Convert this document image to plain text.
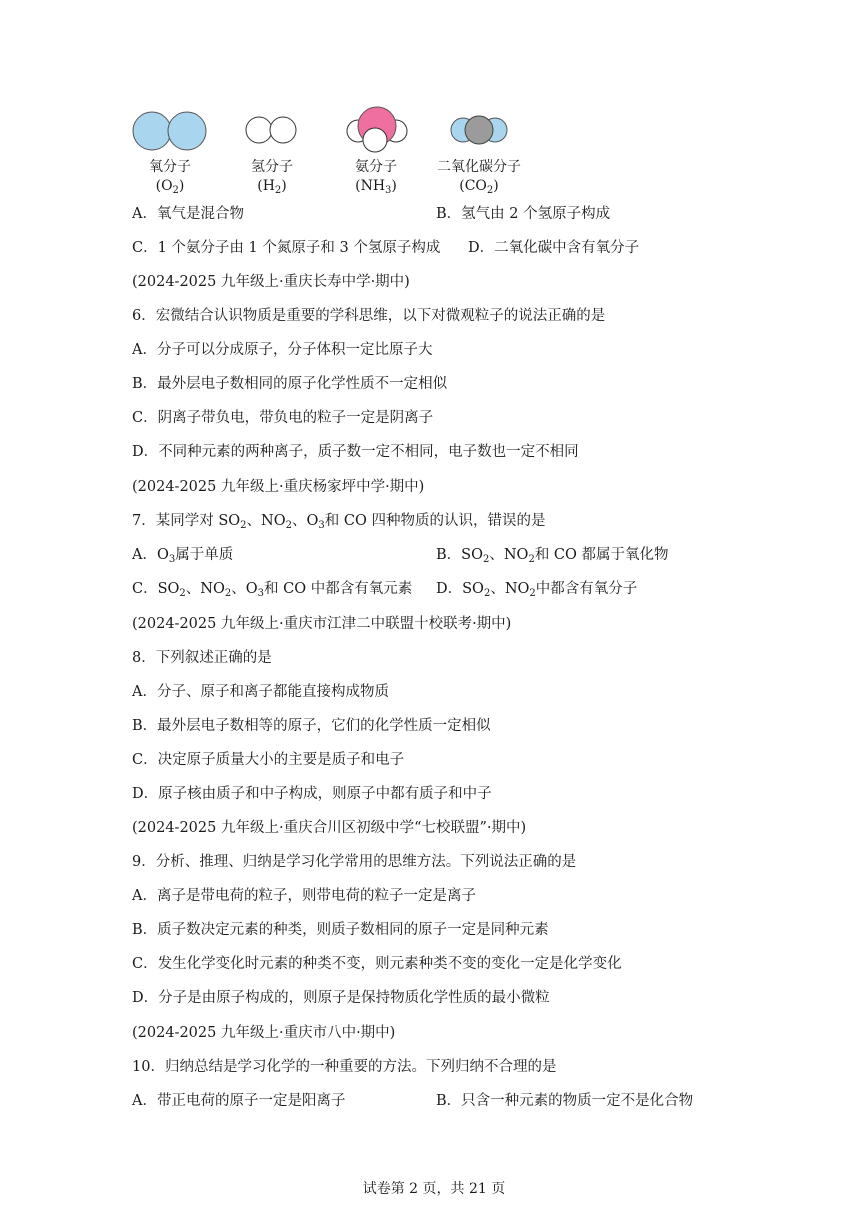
氧分子
$(O_2)$
氢分子
$(H_2)$
氨分子
$(NH_3)$
二氧化碳分子
$(CO_2)$
A．氧气是混合物	B．氢气由 2 个氢原子构成
C．1 个氨分子由 1 个氮原子和 3 个氢原子构成 D．二氧化碳中含有氧分子
(2024-2025 九年级上·重庆长寿中学·期中)
6．宏微结合认识物质是重要的学科思维，以下对微观粒子的说法正确的是
A．分子可以分成原子，分子体积一定比原子大
B．最外层电子数相同的原子化学性质不一定相似
C．阴离子带负电，带负电的粒子一定是阴离子
D．不同种元素的两种离子，质子数一定不相同，电子数也一定不相同
(2024-2025 九年级上·重庆杨家坪中学·期中)
7．某同学对 $SO_2$、$NO_2$、$O_3$和 CO 四种物质的认识，错误的是
A．$O_3$属于单质	B．$SO_2$、$NO_2$和 CO 都属于氧化物
C．$SO_2$、$NO_2$、$O_3$和 CO 中都含有氧元素 D．$SO_2$、$NO_2$中都含有氧分子
(2024-2025 九年级上·重庆市江津二中联盟十校联考·期中)
8．下列叙述正确的是
A．分子、原子和离子都能直接构成物质
B．最外层电子数相等的原子，它们的化学性质一定相似
C．决定原子质量大小的主要是质子和电子
D．原子核由质子和中子构成，则原子中都有质子和中子
(2024-2025 九年级上·重庆合川区初级中学“七校联盟”·期中)
9．分析、推理、归纳是学习化学常用的思维方法。下列说法正确的是
A．离子是带电荷的粒子，则带电荷的粒子一定是离子
B．质子数决定元素的种类，则质子数相同的原子一定是同种元素
C．发生化学变化时元素的种类不变，则元素种类不变的变化一定是化学变化
D．分子是由原子构成的，则原子是保持物质化学性质的最小微粒
(2024-2025 九年级上·重庆市八中·期中)
10．归纳总结是学习化学的一种重要的方法。下列归纳不合理的是
A．带正电荷的原子一定是阳离子	B．只含一种元素的物质一定不是化合物
试卷第 2 页，共 21 页
